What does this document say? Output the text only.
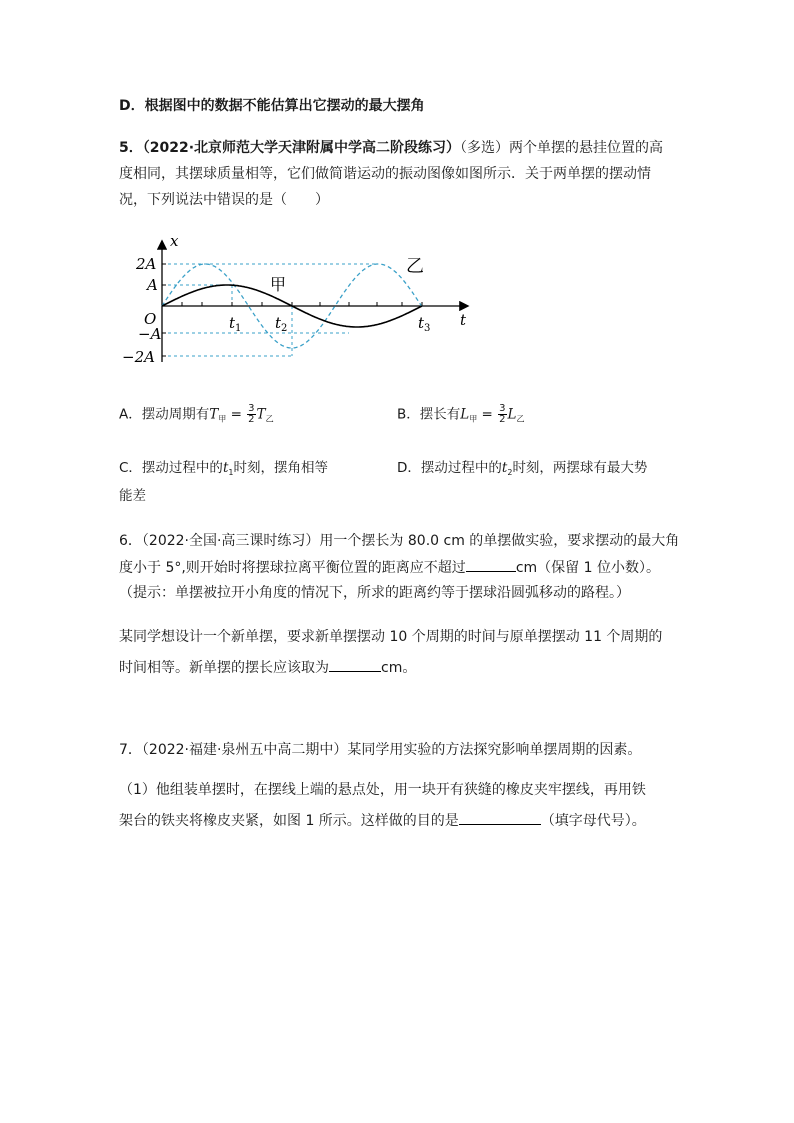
D．根据图中的数据不能估算出它摆动的最大摆角
5．（2022·北京师范大学天津附属中学高二阶段练习）（多选）两个单摆的悬挂位置的高
度相同，其摆球质量相等，它们做简谐运动的振动图像如图所示．关于两单摆的摆动情
况，下列说法中错误的是（　　）
x
t
O
2A
A
−A
−2A
$t_1$ $t_2$	$t_3$
甲
乙
A．摆动周期有$T_甲 = \frac{3}{2} T_乙$	B．摆长有$L_甲 = \frac{3}{2} L_乙$
C．摆动过程中的$t_1$时刻，摆角相等	D．摆动过程中的$t_2$时刻，两摆球有最大势
能差
6．（2022·全国·高三课时练习）用一个摆长为 80.0 cm 的单摆做实验，要求摆动的最大角
度小于 5°,则开始时将摆球拉离平衡位置的距离应不超过	cm（保留 1 位小数）。
（提示：单摆被拉开小角度的情况下，所求的距离约等于摆球沿圆弧移动的路程。）
某同学想设计一个新单摆，要求新单摆摆动 10 个周期的时间与原单摆摆动 11 个周期的
时间相等。新单摆的摆长应该取为	cm。
7．（2022·福建·泉州五中高二期中）某同学用实验的方法探究影响单摆周期的因素。
（1）他组装单摆时，在摆线上端的悬点处，用一块开有狭缝的橡皮夹牢摆线，再用铁
架台的铁夹将橡皮夹紧，如图 1 所示。这样做的目的是	（填字母代号）。
